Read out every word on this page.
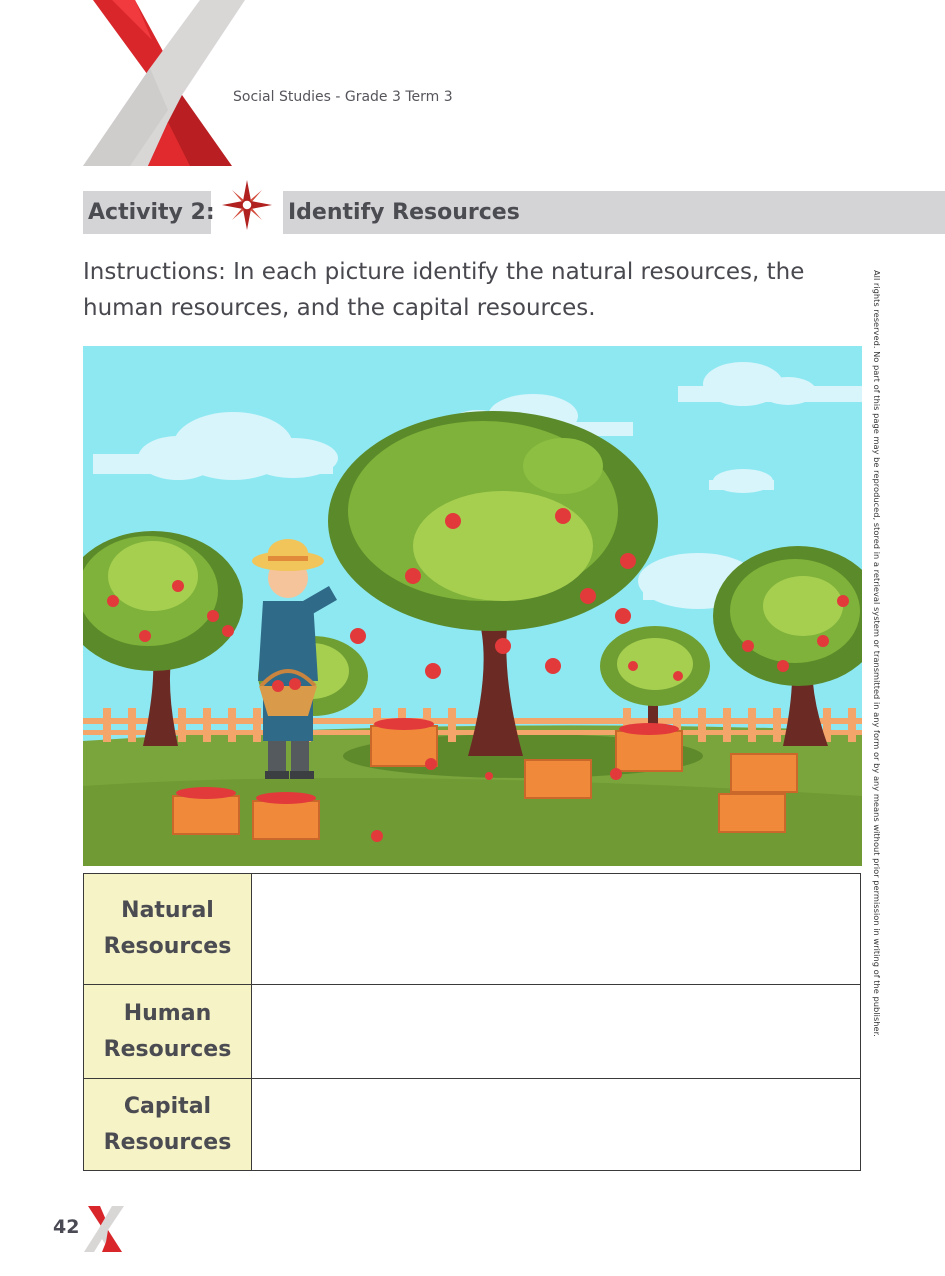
Social Studies - Grade 3 Term 3
Activity 2:	Identify Resources
Instructions: In each picture identify the natural resources, the human resources, and the capital resources.	All rights reserved. No part of this page may be reproduced, stored in a retrieval system or transmitted in any form or by any means without prior permission in writing of the publisher.
Natural
Resources	

Human
Resources	

Capital
Resources	

42
